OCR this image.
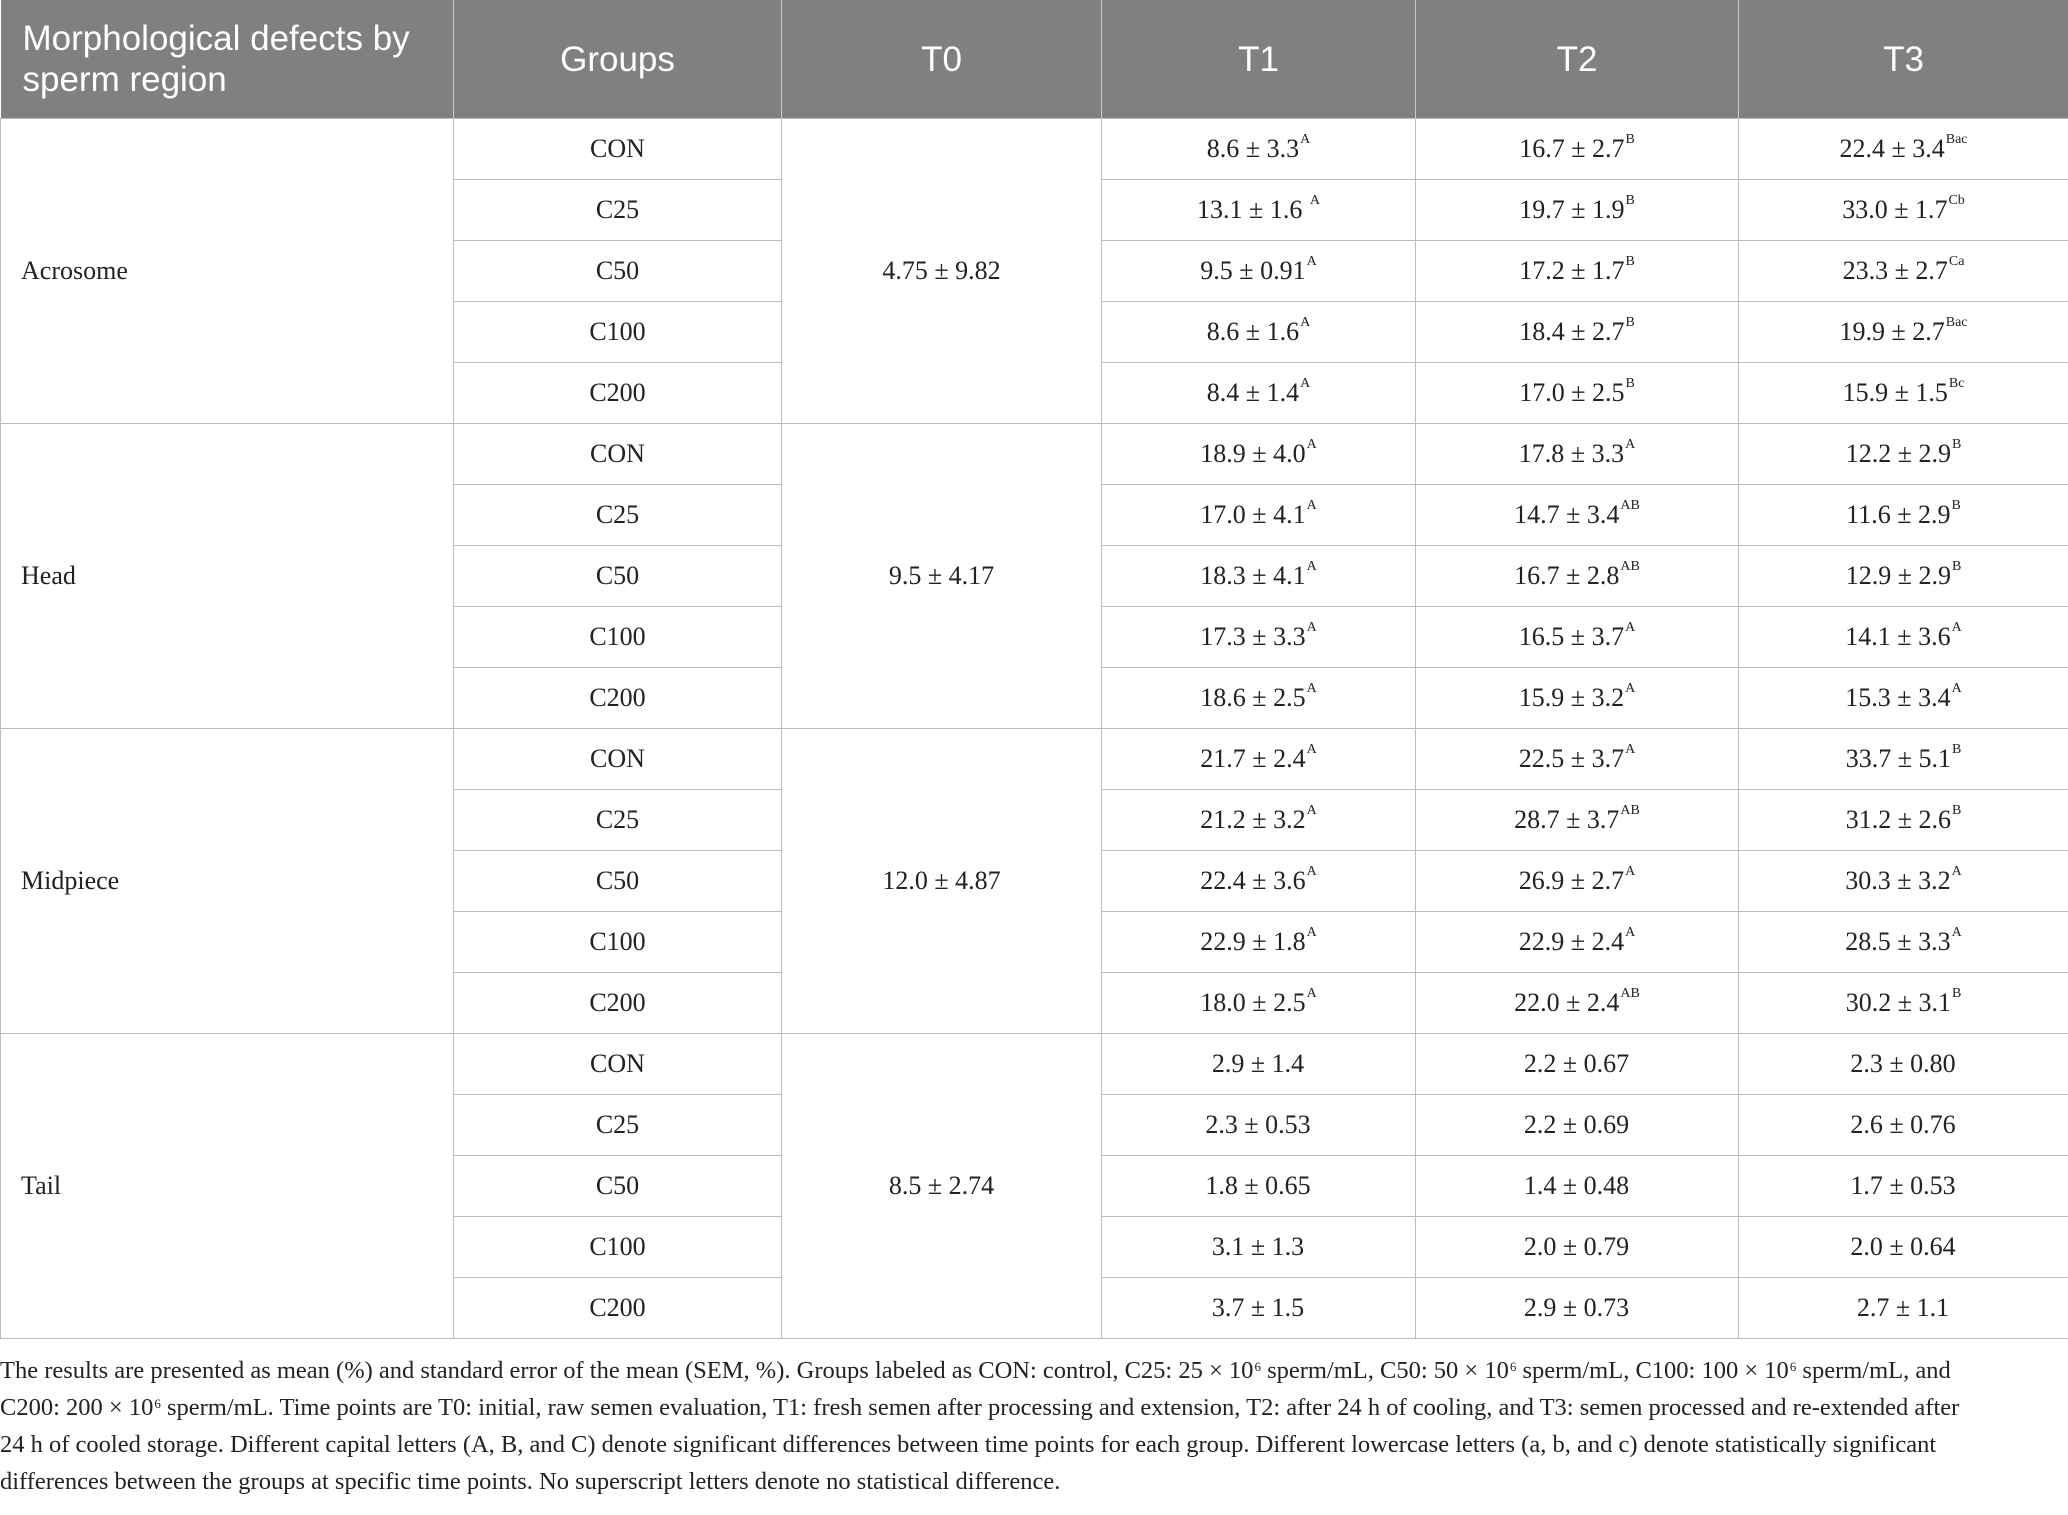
Morphological defects by sperm region	Groups	T0	T1	T2	T3
Acrosome	CON	4.75 ± 9.82	$8.6 \pm 3.3^A$	$16.7 \pm 2.7^B$	$22.4 \pm 3.4^{Bac}$
	C25		13.1 ± 1.6 $^A$	$19.7 \pm 1.9^B$	$33.0 \pm 1.7^{Cb}$
	C50		$9.5 \pm 0.91^A$	$17.2 \pm 1.7^B$	$23.3 \pm 2.7^{Ca}$
	C100		$8.6 \pm 1.6^A$	$18.4 \pm 2.7^B$	$19.9 \pm 2.7^{Bac}$
	C200		$8.4 \pm 1.4^A$	$17.0 \pm 2.5^B$	$15.9 \pm 1.5^{Bc}$
Head	CON	9.5 ± 4.17	$18.9 \pm 4.0^A$	$17.8 \pm 3.3^A$	$12.2 \pm 2.9^B$
	C25		$17.0 \pm 4.1^A$	$14.7 \pm 3.4^{AB}$	$11.6 \pm 2.9^B$
	C50		$18.3 \pm 4.1^A$	$16.7 \pm 2.8^{AB}$	$12.9 \pm 2.9^B$
	C100		$17.3 \pm 3.3^A$	$16.5 \pm 3.7^A$	$14.1 \pm 3.6^A$
	C200		$18.6 \pm 2.5^A$	$15.9 \pm 3.2^A$	$15.3 \pm 3.4^A$
Midpiece	CON	12.0 ± 4.87	$21.7 \pm 2.4^A$	$22.5 \pm 3.7^A$	$33.7 \pm 5.1^B$
	C25		$21.2 \pm 3.2^A$	$28.7 \pm 3.7^{AB}$	$31.2 \pm 2.6^B$
	C50		$22.4 \pm 3.6^A$	$26.9 \pm 2.7^A$	$30.3 \pm 3.2^A$
	C100		$22.9 \pm 1.8^A$	$22.9 \pm 2.4^A$	$28.5 \pm 3.3^A$
	C200		$18.0 \pm 2.5^A$	$22.0 \pm 2.4^{AB}$	$30.2 \pm 3.1^B$
Tail	CON	8.5 ± 2.74	2.9 ± 1.4	2.2 ± 0.67	2.3 ± 0.80
	C25		2.3 ± 0.53	2.2 ± 0.69	2.6 ± 0.76
	C50		1.8 ± 0.65	1.4 ± 0.48	1.7 ± 0.53
	C100		3.1 ± 1.3	2.0 ± 0.79	2.0 ± 0.64
	C200		3.7 ± 1.5	2.9 ± 0.73	2.7 ± 1.1

The results are presented as mean (%) and standard error of the mean (SEM, %). Groups labeled as CON: control, C25: $25 \times 10^6$ sperm/mL, C50: $50 \times 10^6$ sperm/mL, C100: $100 \times 10^6$ sperm/mL, and C200: $200 \times 10^6$ sperm/mL. Time points are T0: initial, raw semen evaluation, T1: fresh semen after processing and extension, T2: after 24 h of cooling, and T3: semen processed and re-extended after 24 h of cooled storage. Different capital letters (A, B, and C) denote significant differences between time points for each group. Different lowercase letters (a, b, and c) denote statistically significant differences between the groups at specific time points. No superscript letters denote no statistical difference.
